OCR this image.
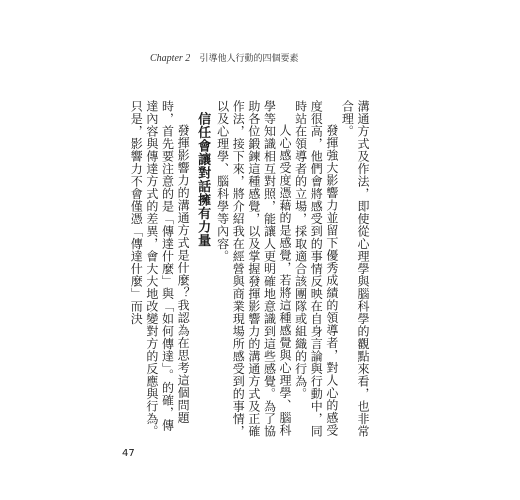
Chapter 2 引導他人行動的四個要素

溝通方式及作法，即使從心理學與腦科學的觀點來看，也非常合理。

發揮強大影響力並留下優秀成績的領導者，對人心的感受度很高，他們會將感受到的事情反映在自身言論與行動中，同時站在領導者的立場，採取適合該團隊或組織的行為。

人心感受度憑藉的是感覺，若將這種感覺與心理學、腦科學等知識相互對照，能讓人更明確地意識到這些感覺。為了協助各位鍛鍊這種感覺，以及掌握發揮影響力的溝通方式及正確作法，接下來，將介紹我在經營與商業現場所感受到的事情，以及心理學、腦科學等內容。

信任會讓對話擁有力量

發揮影響力的溝通方式是什麼？我認為在思考這個問題時，首先要注意的是「傳達什麼」與「如何傳達」。的確，傳達內容與傳達方式的差異，會大大地改變對方的反應與行為。只是，影響力不會僅憑「傳達什麼」而決

47
